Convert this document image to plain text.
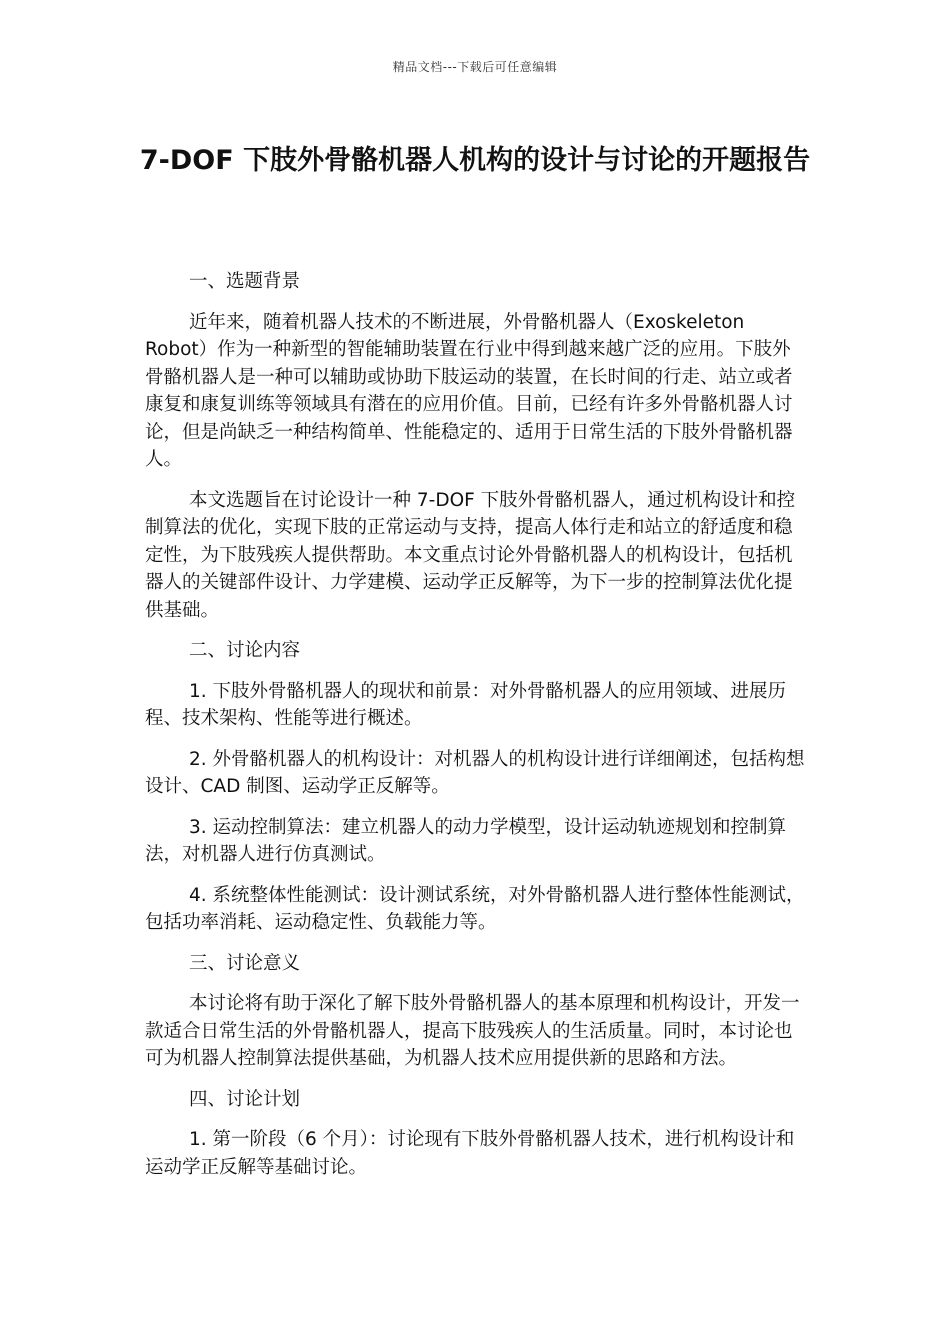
精品文档---下载后可任意编辑
7-DOF 下肢外骨骼机器人机构的设计与讨论的开题报告

一、选题背景

近年来，随着机器人技术的不断进展，外骨骼机器人（Exoskeleton Robot）作为一种新型的智能辅助装置在行业中得到越来越广泛的应用。下肢外骨骼机器人是一种可以辅助或协助下肢运动的装置，在长时间的行走、站立或者康复和康复训练等领域具有潜在的应用价值。目前，已经有许多外骨骼机器人讨论，但是尚缺乏一种结构简单、性能稳定的、适用于日常生活的下肢外骨骼机器人。

本文选题旨在讨论设计一种 7-DOF 下肢外骨骼机器人，通过机构设计和控制算法的优化，实现下肢的正常运动与支持，提高人体行走和站立的舒适度和稳定性，为下肢残疾人提供帮助。本文重点讨论外骨骼机器人的机构设计，包括机器人的关键部件设计、力学建模、运动学正反解等，为下一步的控制算法优化提供基础。

二、讨论内容

1. 下肢外骨骼机器人的现状和前景：对外骨骼机器人的应用领域、进展历程、技术架构、性能等进行概述。

2. 外骨骼机器人的机构设计：对机器人的机构设计进行详细阐述，包括构想设计、CAD 制图、运动学正反解等。

3. 运动控制算法：建立机器人的动力学模型，设计运动轨迹规划和控制算法，对机器人进行仿真测试。

4. 系统整体性能测试：设计测试系统，对外骨骼机器人进行整体性能测试，包括功率消耗、运动稳定性、负载能力等。

三、讨论意义

本讨论将有助于深化了解下肢外骨骼机器人的基本原理和机构设计，开发一款适合日常生活的外骨骼机器人，提高下肢残疾人的生活质量。同时，本讨论也可为机器人控制算法提供基础，为机器人技术应用提供新的思路和方法。

四、讨论计划

1. 第一阶段（6 个月）：讨论现有下肢外骨骼机器人技术，进行机构设计和运动学正反解等基础讨论。
